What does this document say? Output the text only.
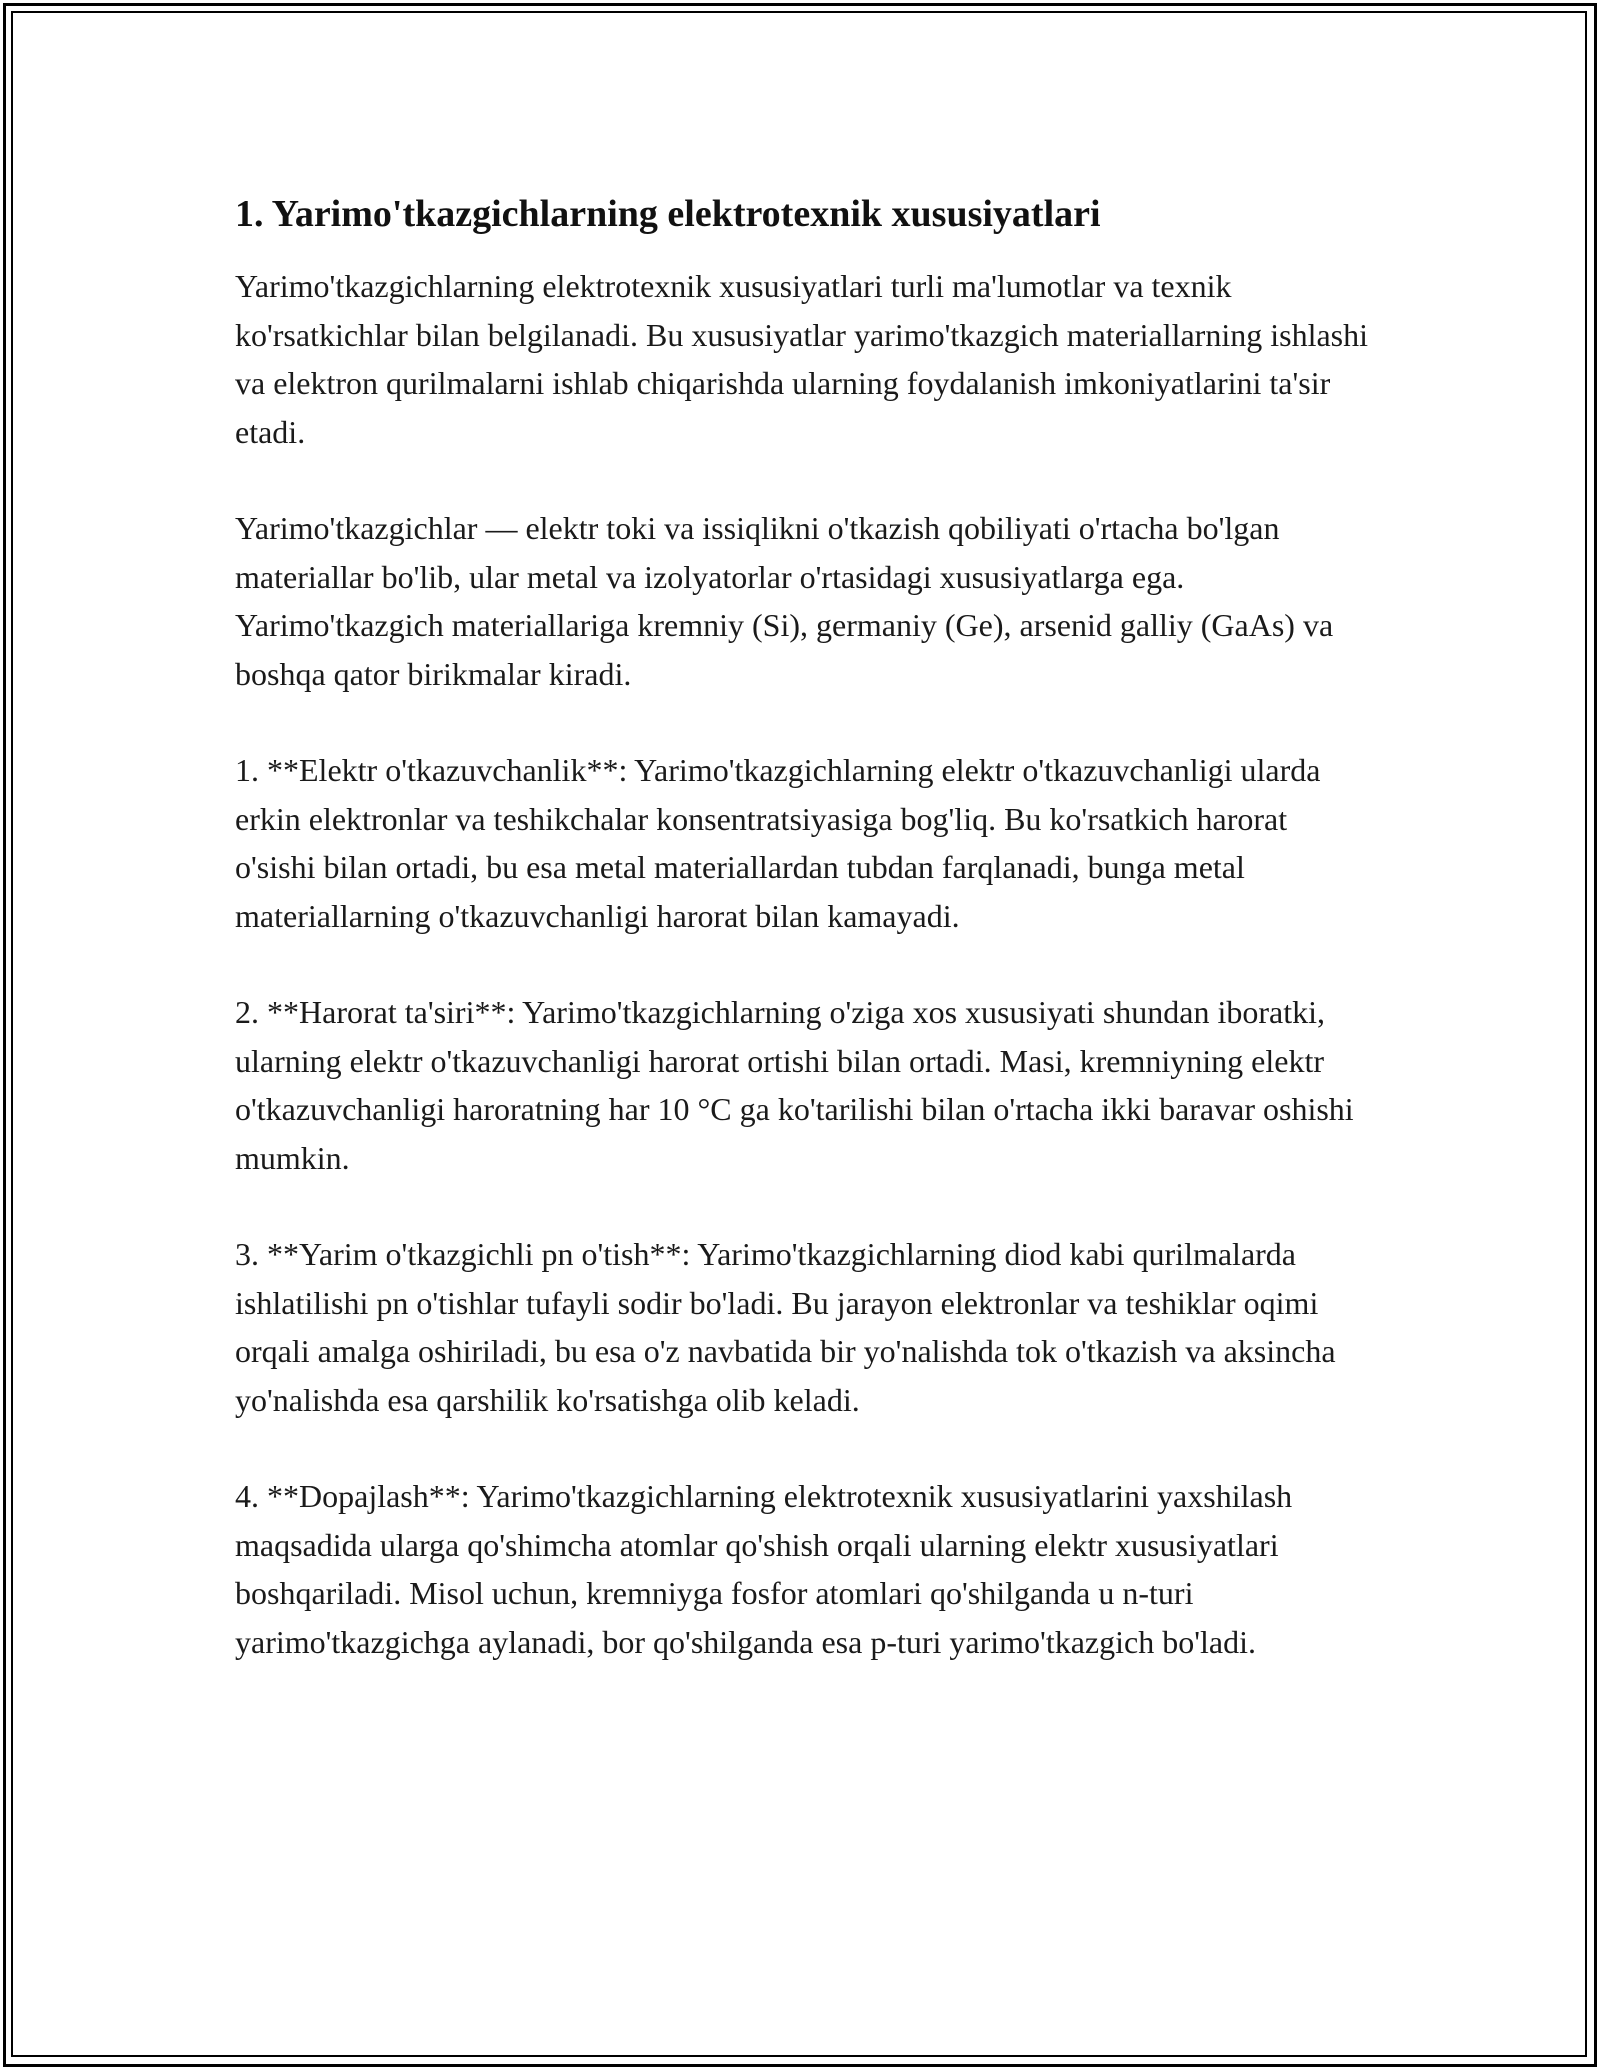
1. Yarimo'tkazgichlarning elektrotexnik xususiyatlari

Yarimo'tkazgichlarning elektrotexnik xususiyatlari turli ma'lumotlar va texnik ko'rsatkichlar bilan belgilanadi. Bu xususiyatlar yarimo'tkazgich materiallarning ishlashi va elektron qurilmalarni ishlab chiqarishda ularning foydalanish imkoniyatlarini ta'sir etadi.

Yarimo'tkazgichlar — elektr toki va issiqlikni o'tkazish qobiliyati o'rtacha bo'lgan materiallar bo'lib, ular metal va izolyatorlar o'rtasidagi xususiyatlarga ega. Yarimo'tkazgich materiallariga kremniy (Si), germaniy (Ge), arsenid galliy (GaAs) va boshqa qator birikmalar kiradi.

1. **Elektr o'tkazuvchanlik**: Yarimo'tkazgichlarning elektr o'tkazuvchanligi ularda erkin elektronlar va teshikchalar konsentratsiyasiga bog'liq. Bu ko'rsatkich harorat o'sishi bilan ortadi, bu esa metal materiallardan tubdan farqlanadi, bunga metal materiallarning o'tkazuvchanligi harorat bilan kamayadi.

2. **Harorat ta'siri**: Yarimo'tkazgichlarning o'ziga xos xususiyati shundan iboratki, ularning elektr o'tkazuvchanligi harorat ortishi bilan ortadi. Masi, kremniyning elektr o'tkazuvchanligi haroratning har 10 °C ga ko'tarilishi bilan o'rtacha ikki baravar oshishi mumkin.

3. **Yarim o'tkazgichli pn o'tish**: Yarimo'tkazgichlarning diod kabi qurilmalarda ishlatilishi pn o'tishlar tufayli sodir bo'ladi. Bu jarayon elektronlar va teshiklar oqimi orqali amalga oshiriladi, bu esa o'z navbatida bir yo'nalishda tok o'tkazish va aksincha yo'nalishda esa qarshilik ko'rsatishga olib keladi.

4. **Dopajlash**: Yarimo'tkazgichlarning elektrotexnik xususiyatlarini yaxshilash maqsadida ularga qo'shimcha atomlar qo'shish orqali ularning elektr xususiyatlari boshqariladi. Misol uchun, kremniyga fosfor atomlari qo'shilganda u n-turi yarimo'tkazgichga aylanadi, bor qo'shilganda esa p-turi yarimo'tkazgich bo'ladi.
